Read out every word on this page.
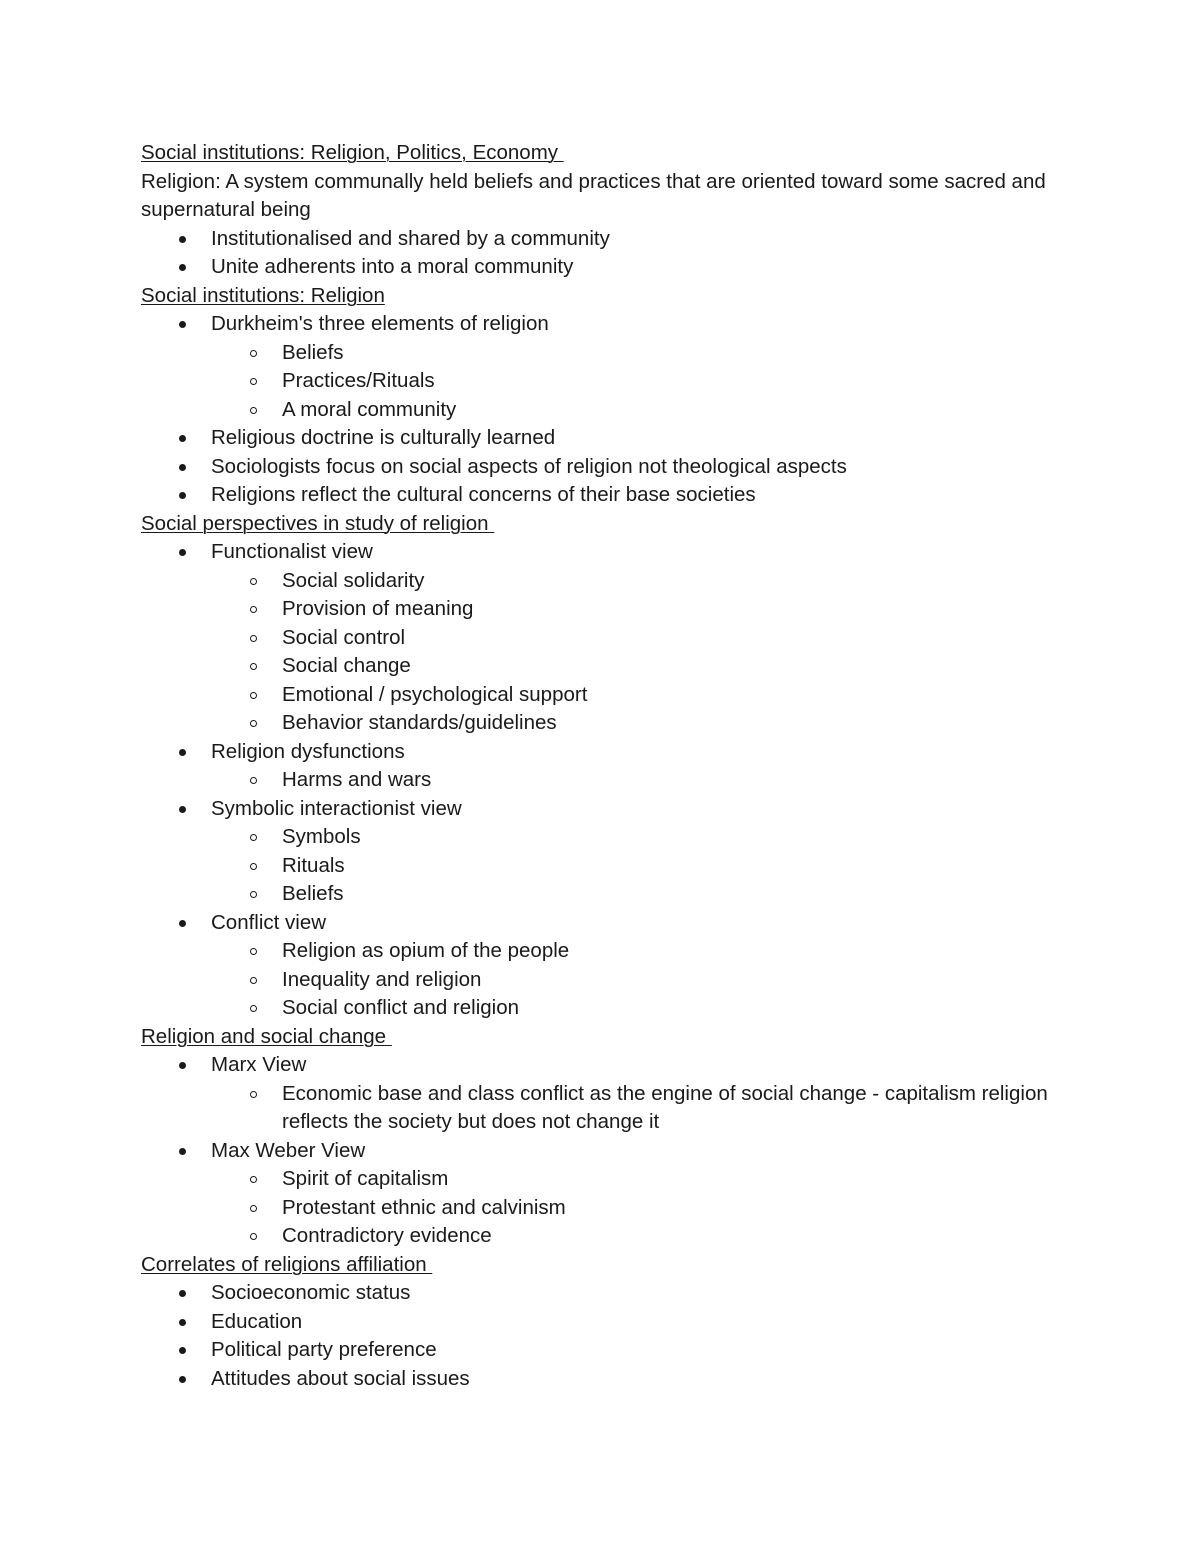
Social institutions: Religion, Politics, Economy

Religion: A system communally held beliefs and practices that are oriented toward some sacred and supernatural being

Institutionalised and shared by a community
Unite adherents into a moral community
Social institutions: Religion
Durkheim's three elements of religion
Beliefs
Practices/Rituals
A moral community
Religious doctrine is culturally learned
Sociologists focus on social aspects of religion not theological aspects
Religions reflect the cultural concerns of their base societies
Social perspectives in study of religion
Functionalist view
Social solidarity
Provision of meaning
Social control
Social change
Emotional / psychological support
Behavior standards/guidelines
Religion dysfunctions
Harms and wars
Symbolic interactionist view
Symbols
Rituals
Beliefs
Conflict view
Religion as opium of the people
Inequality and religion
Social conflict and religion
Religion and social change
Marx View
Economic base and class conflict as the engine of social change - capitalism religion reflects the society but does not change it
Max Weber View
Spirit of capitalism
Protestant ethnic and calvinism
Contradictory evidence
Correlates of religions affiliation
Socioeconomic status
Education
Political party preference
Attitudes about social issues
